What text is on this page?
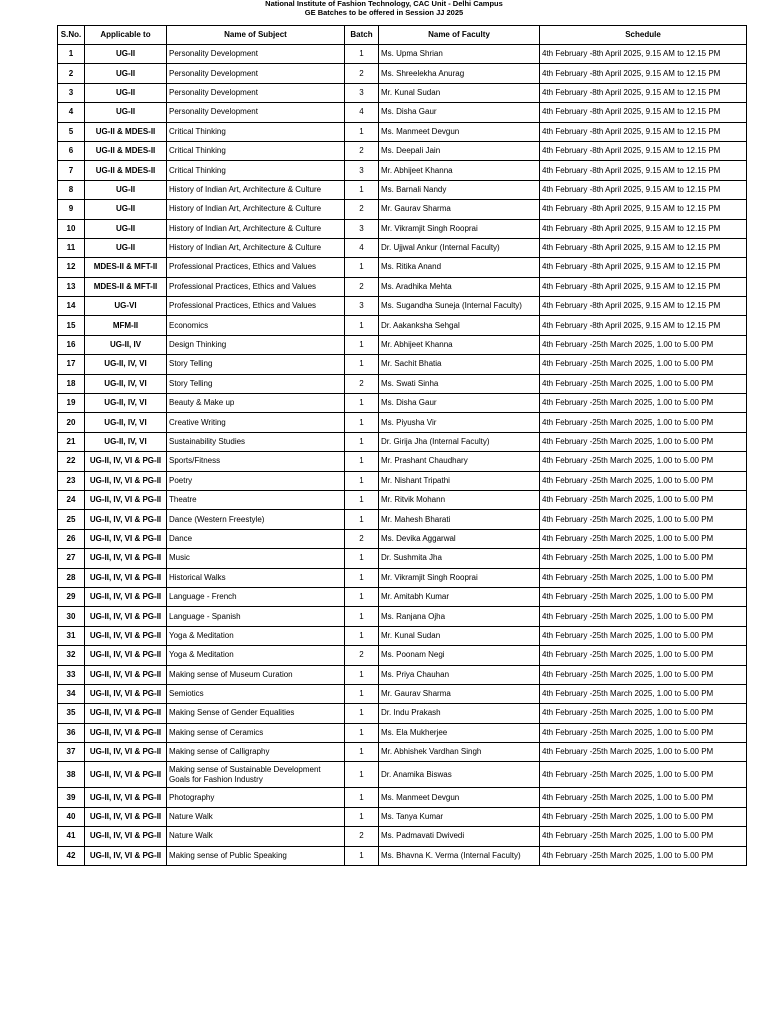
National Institute of Fashion Technology, CAC Unit - Delhi Campus
GE Batches to be offered in Session JJ 2025
S.No.	Applicable to	Name of Subject	Batch	Name of Faculty	Schedule
1	UG-II	Personality Development	1	Ms. Upma Shrian	4th February -8th April 2025, 9.15 AM to 12.15 PM
2	UG-II	Personality Development	2	Ms. Shreelekha Anurag	4th February -8th April 2025, 9.15 AM to 12.15 PM
3	UG-II	Personality Development	3	Mr. Kunal Sudan	4th February -8th April 2025, 9.15 AM to 12.15 PM
4	UG-II	Personality Development	4	Ms. Disha Gaur	4th February -8th April 2025, 9.15 AM to 12.15 PM
5	UG-II & MDES-II	Critical Thinking	1	Ms. Manmeet Devgun	4th February -8th April 2025, 9.15 AM to 12.15 PM
6	UG-II & MDES-II	Critical Thinking	2	Ms. Deepali Jain	4th February -8th April 2025, 9.15 AM to 12.15 PM
7	UG-II & MDES-II	Critical Thinking	3	Mr. Abhijeet Khanna	4th February -8th April 2025, 9.15 AM to 12.15 PM
8	UG-II	History of Indian Art, Architecture & Culture	1	Ms. Barnali Nandy	4th February -8th April 2025, 9.15 AM to 12.15 PM
9	UG-II	History of Indian Art, Architecture & Culture	2	Mr. Gaurav Sharma	4th February -8th April 2025, 9.15 AM to 12.15 PM
10	UG-II	History of Indian Art, Architecture & Culture	3	Mr. Vikramjit Singh Rooprai	4th February -8th April 2025, 9.15 AM to 12.15 PM
11	UG-II	History of Indian Art, Architecture & Culture	4	Dr. Ujjwal Ankur (Internal Faculty)	4th February -8th April 2025, 9.15 AM to 12.15 PM
12	MDES-II & MFT-II	Professional Practices, Ethics and Values	1	Ms. Ritika Anand	4th February -8th April 2025, 9.15 AM to 12.15 PM
13	MDES-II & MFT-II	Professional Practices, Ethics and Values	2	Ms. Aradhika Mehta	4th February -8th April 2025, 9.15 AM to 12.15 PM
14	UG-VI	Professional Practices, Ethics and Values	3	Ms. Sugandha Suneja (Internal Faculty)	4th February -8th April 2025, 9.15 AM to 12.15 PM
15	MFM-II	Economics	1	Dr. Aakanksha Sehgal	4th February -8th April 2025, 9.15 AM to 12.15 PM
16	UG-II, IV	Design Thinking	1	Mr. Abhijeet Khanna	4th February -25th March 2025, 1.00 to 5.00 PM
17	UG-II, IV, VI	Story Telling	1	Mr. Sachit Bhatia	4th February -25th March 2025, 1.00 to 5.00 PM
18	UG-II, IV, VI	Story Telling	2	Ms. Swati Sinha	4th February -25th March 2025, 1.00 to 5.00 PM
19	UG-II, IV, VI	Beauty & Make up	1	Ms. Disha Gaur	4th February -25th March 2025, 1.00 to 5.00 PM
20	UG-II, IV, VI	Creative Writing	1	Ms. Piyusha Vir	4th February -25th March 2025, 1.00 to 5.00 PM
21	UG-II, IV, VI	Sustainability Studies	1	Dr. Girija Jha (Internal Faculty)	4th February -25th March 2025, 1.00 to 5.00 PM
22	UG-II, IV, VI & PG-II	Sports/Fitness	1	Mr. Prashant Chaudhary	4th February -25th March 2025, 1.00 to 5.00 PM
23	UG-II, IV, VI & PG-II	Poetry	1	Mr. Nishant Tripathi	4th February -25th March 2025, 1.00 to 5.00 PM
24	UG-II, IV, VI & PG-II	Theatre	1	Mr. Ritvik Mohann	4th February -25th March 2025, 1.00 to 5.00 PM
25	UG-II, IV, VI & PG-II	Dance (Western Freestyle)	1	Mr. Mahesh Bharati	4th February -25th March 2025, 1.00 to 5.00 PM
26	UG-II, IV, VI & PG-II	Dance	2	Ms. Devika Aggarwal	4th February -25th March 2025, 1.00 to 5.00 PM
27	UG-II, IV, VI & PG-II	Music	1	Dr. Sushmita Jha	4th February -25th March 2025, 1.00 to 5.00 PM
28	UG-II, IV, VI & PG-II	Historical Walks	1	Mr. Vikramjit Singh Rooprai	4th February -25th March 2025, 1.00 to 5.00 PM
29	UG-II, IV, VI & PG-II	Language - French	1	Mr. Amitabh Kumar	4th February -25th March 2025, 1.00 to 5.00 PM
30	UG-II, IV, VI & PG-II	Language - Spanish	1	Ms. Ranjana Ojha	4th February -25th March 2025, 1.00 to 5.00 PM
31	UG-II, IV, VI & PG-II	Yoga & Meditation	1	Mr. Kunal Sudan	4th February -25th March 2025, 1.00 to 5.00 PM
32	UG-II, IV, VI & PG-II	Yoga & Meditation	2	Ms. Poonam Negi	4th February -25th March 2025, 1.00 to 5.00 PM
33	UG-II, IV, VI & PG-II	Making sense of Museum Curation	1	Ms. Priya Chauhan	4th February -25th March 2025, 1.00 to 5.00 PM
34	UG-II, IV, VI & PG-II	Semiotics	1	Mr. Gaurav Sharma	4th February -25th March 2025, 1.00 to 5.00 PM
35	UG-II, IV, VI & PG-II	Making Sense of Gender Equalities	1	Dr. Indu Prakash	4th February -25th March 2025, 1.00 to 5.00 PM
36	UG-II, IV, VI & PG-II	Making sense of Ceramics	1	Ms. Ela Mukherjee	4th February -25th March 2025, 1.00 to 5.00 PM
37	UG-II, IV, VI & PG-II	Making sense of Calligraphy	1	Mr. Abhishek Vardhan Singh	4th February -25th March 2025, 1.00 to 5.00 PM
38	UG-II, IV, VI & PG-II	Making sense of Sustainable Development Goals for Fashion Industry	1	Dr. Anamika Biswas	4th February -25th March 2025, 1.00 to 5.00 PM
39	UG-II, IV, VI & PG-II	Photography	1	Ms. Manmeet Devgun	4th February -25th March 2025, 1.00 to 5.00 PM
40	UG-II, IV, VI & PG-II	Nature Walk	1	Ms. Tanya Kumar	4th February -25th March 2025, 1.00 to 5.00 PM
41	UG-II, IV, VI & PG-II	Nature Walk	2	Ms. Padmavati Dwivedi	4th February -25th March 2025, 1.00 to 5.00 PM
42	UG-II, IV, VI & PG-II	Making sense of Public Speaking	1	Ms. Bhavna K. Verma (Internal Faculty)	4th February -25th March 2025, 1.00 to 5.00 PM
